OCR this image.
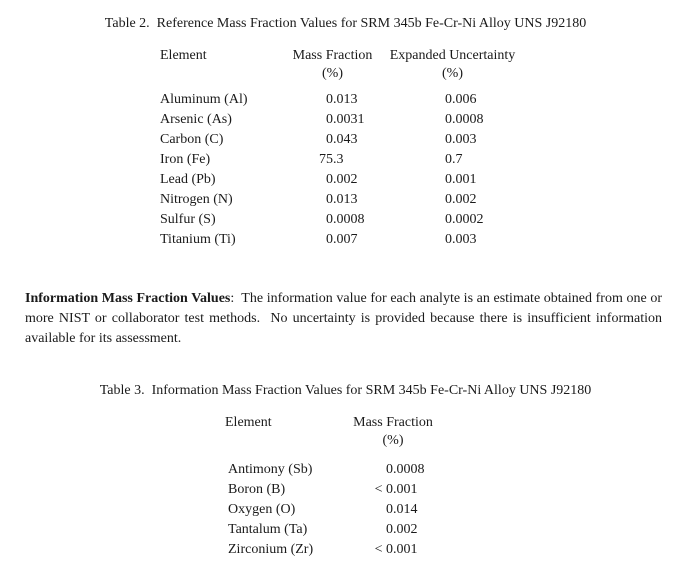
Table 2.  Reference Mass Fraction Values for SRM 345b Fe-Cr-Ni Alloy UNS J92180
Element	Mass Fraction	Expanded Uncertainty
(%)	(%)
Aluminum (Al)	0 .013	0 .006
Arsenic (As)	0 .0031	0 .0008
Carbon (C)	0 .043	0 .003
Iron (Fe)	75 .3	0 .7
Lead (Pb)	0 .002	0 .001
Nitrogen (N)	0 .013	0 .002
Sulfur (S)	0 .0008	0 .0002
Titanium (Ti)	0 .007	0 .003

Information Mass Fraction Values:  The information value for each analyte is an estimate obtained from one or more NIST or collaborator test methods.  No uncertainty is provided because there is insufficient information available for its assessment.

Table 3.  Information Mass Fraction Values for SRM 345b Fe-Cr-Ni Alloy UNS J92180
Element	Mass Fraction
(%)
Antimony (Sb)	0 .0008
Boron (B)	< 0 .001
Oxygen (O)	0 .014
Tantalum (Ta)	0 .002
Zirconium (Zr)	< 0 .001
